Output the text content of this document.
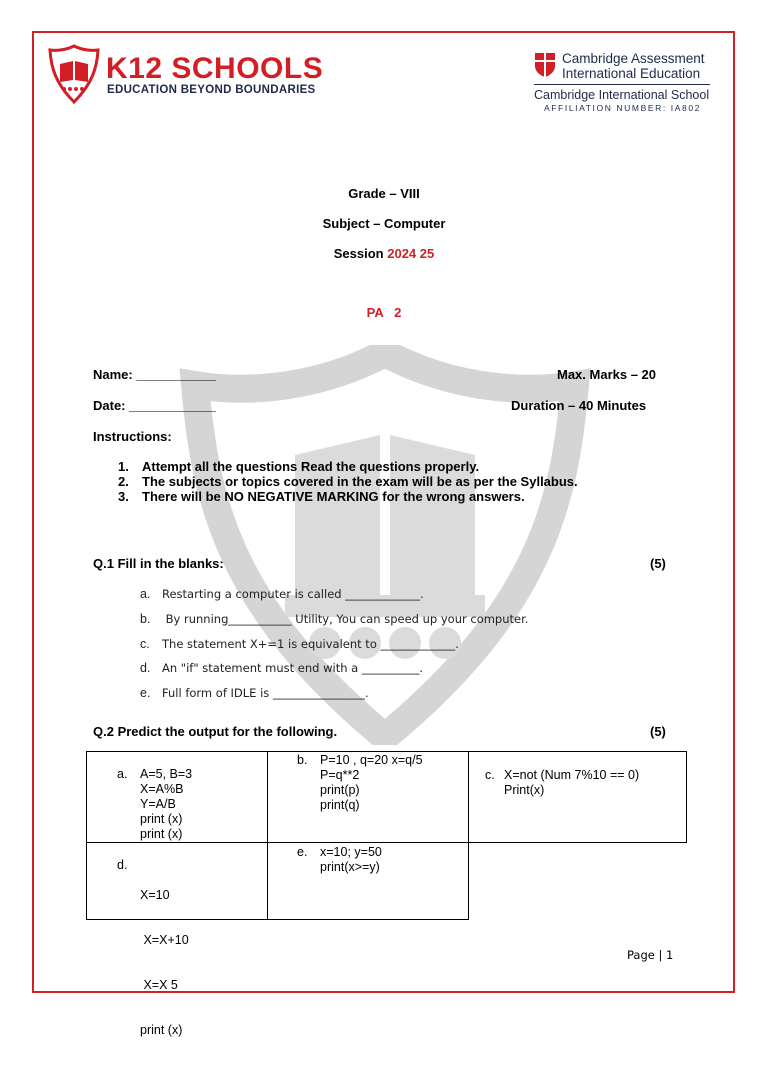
K12 SCHOOLS
EDUCATION BEYOND BOUNDARIES
Cambridge Assessment
International Education
Cambridge International School
AFFILIATION NUMBER: IA802
Grade – VIII
Subject – Computer
Session 2024 25
PA   2
Name: ___________	Max. Marks – 20
Date: ____________	Duration – 40 Minutes
Instructions:
1. Attempt all the questions Read the questions properly.
2. The subjects or topics covered in the exam will be as per the Syllabus.
3. There will be NO NEGATIVE MARKING for the wrong answers.
Q.1 Fill in the blanks:	(5)
a. Restarting a computer is called _____________.
b. By running___________ Utility, You can speed up your computer.
c. The statement X+=1 is equivalent to _____________.
d. An "if" statement must end with a __________.
e. Full form of IDLE is ________________.
Q.2 Predict the output for the following.	(5)
a. A=5, B=3
X=A%B
Y=A/B
print (x)
print (x)
b. P=10 , q=20 x=q/5
P=q**2
print(p)
print(q)
c. X=not (Num 7%10 == 0)
Print(x)
d.

X=10

X=X+10

X=X 5

print (x)

e. x=10; y=50
print(x>=y)
Page | 1
